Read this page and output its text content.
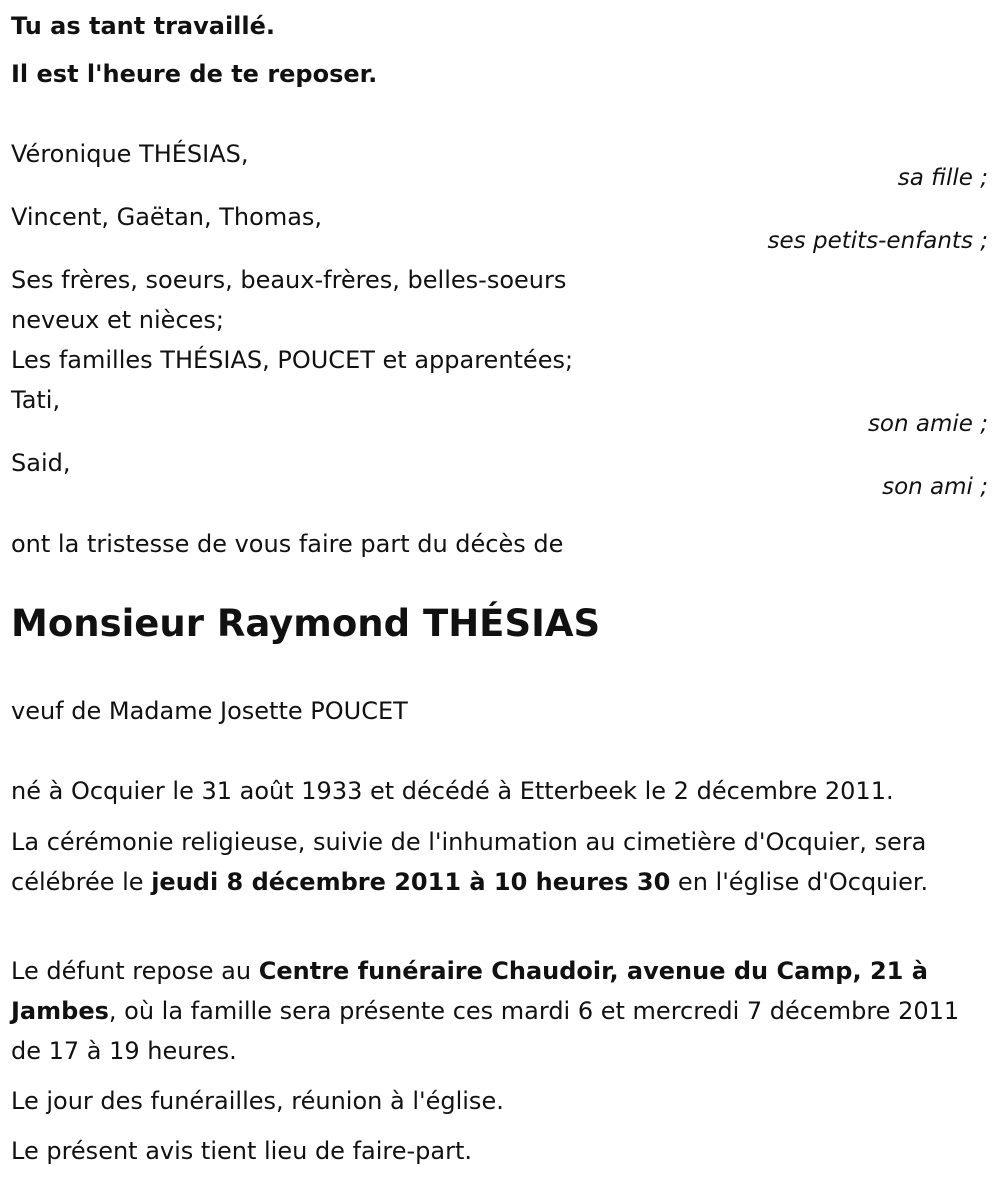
Tu as tant travaillé.
Il est l'heure de te reposer.
Véronique THÉSIAS,
sa fille ;
Vincent, Gaëtan, Thomas,
ses petits-enfants ;
Ses frères, soeurs, beaux-frères, belles-soeurs
neveux et nièces;
Les familles THÉSIAS, POUCET et apparentées;
Tati,
son amie ;
Said,
son ami ;
ont la tristesse de vous faire part du décès de
Monsieur Raymond THÉSIAS
veuf de Madame Josette POUCET

né à Ocquier le 31 août 1933 et décédé à Etterbeek le 2 décembre 2011.

La cérémonie religieuse, suivie de l'inhumation au cimetière d'Ocquier, sera célébrée le jeudi 8 décembre 2011 à 10 heures 30 en l'église d'Ocquier.

Le défunt repose au Centre funéraire Chaudoir, avenue du Camp, 21 à Jambes, où la famille sera présente ces mardi 6 et mercredi 7 décembre 2011 de 17 à 19 heures.

Le jour des funérailles, réunion à l'église.

Le présent avis tient lieu de faire-part.
